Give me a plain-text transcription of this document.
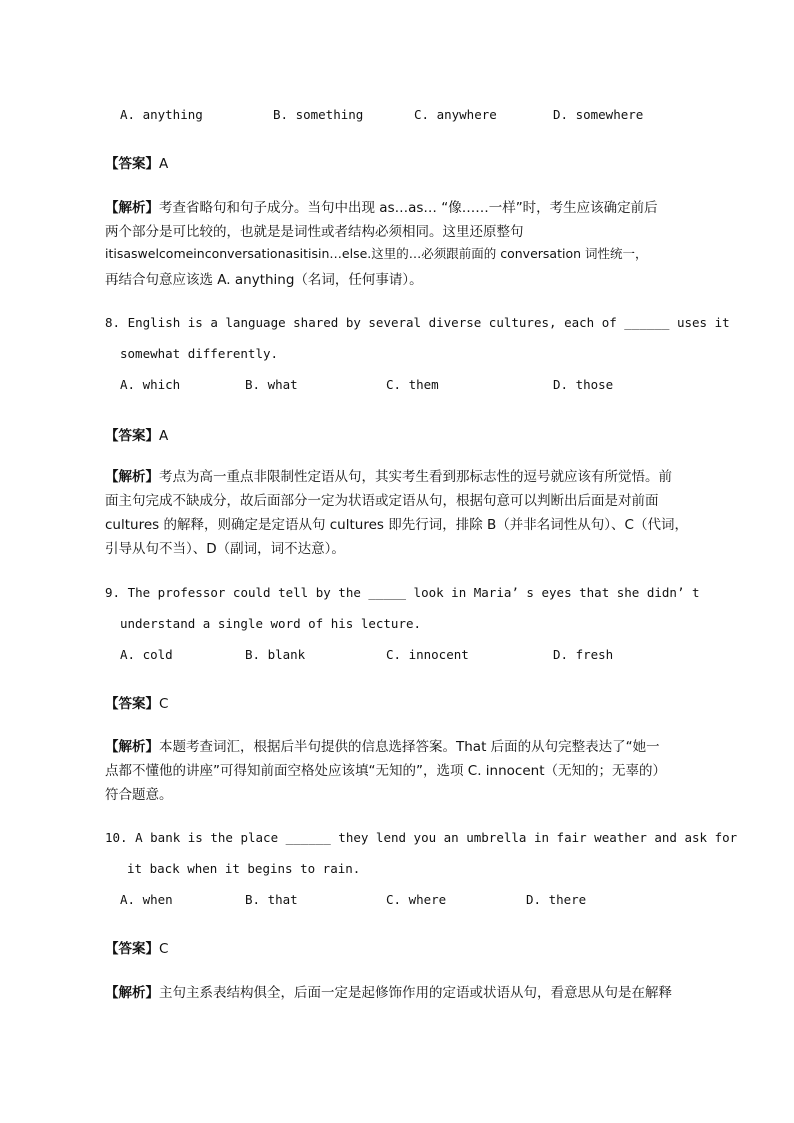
A. anything	B. something	C. anywhere	D. somewhere
【答案】A
【解析】考查省略句和句子成分。当句中出现 as…as… “像……一样”时，考生应该确定前后
两个部分是可比较的，也就是是词性或者结构必须相同。这里还原整句
itisaswelcomeinconversationasitisin…else.这里的…必须跟前面的 conversation 词性统一，
再结合句意应该选 A. anything（名词，任何事请）。
8. English is a language shared by several diverse cultures, each of ______ uses it
somewhat differently.
A. which	B. what	C. them	D. those
【答案】A
【解析】考点为高一重点非限制性定语从句，其实考生看到那标志性的逗号就应该有所觉悟。前
面主句完成不缺成分，故后面部分一定为状语或定语从句，根据句意可以判断出后面是对前面
cultures 的解释，则确定是定语从句 cultures 即先行词，排除 B（并非名词性从句）、C（代词，
引导从句不当）、D（副词，词不达意）。
9. The professor could tell by the _____ look in Maria’ s eyes that she didn’ t
understand a single word of his lecture.
A. cold	B. blank	C. innocent	D. fresh
【答案】C
【解析】本题考查词汇，根据后半句提供的信息选择答案。That 后面的从句完整表达了“她一
点都不懂他的讲座”可得知前面空格处应该填“无知的”，选项 C. innocent（无知的；无辜的）
符合题意。
10. A bank is the place ______ they lend you an umbrella in fair weather and ask for
it back when it begins to rain.
A. when	B. that	C. where	D. there
【答案】C
【解析】主句主系表结构俱全，后面一定是起修饰作用的定语或状语从句，看意思从句是在解释
